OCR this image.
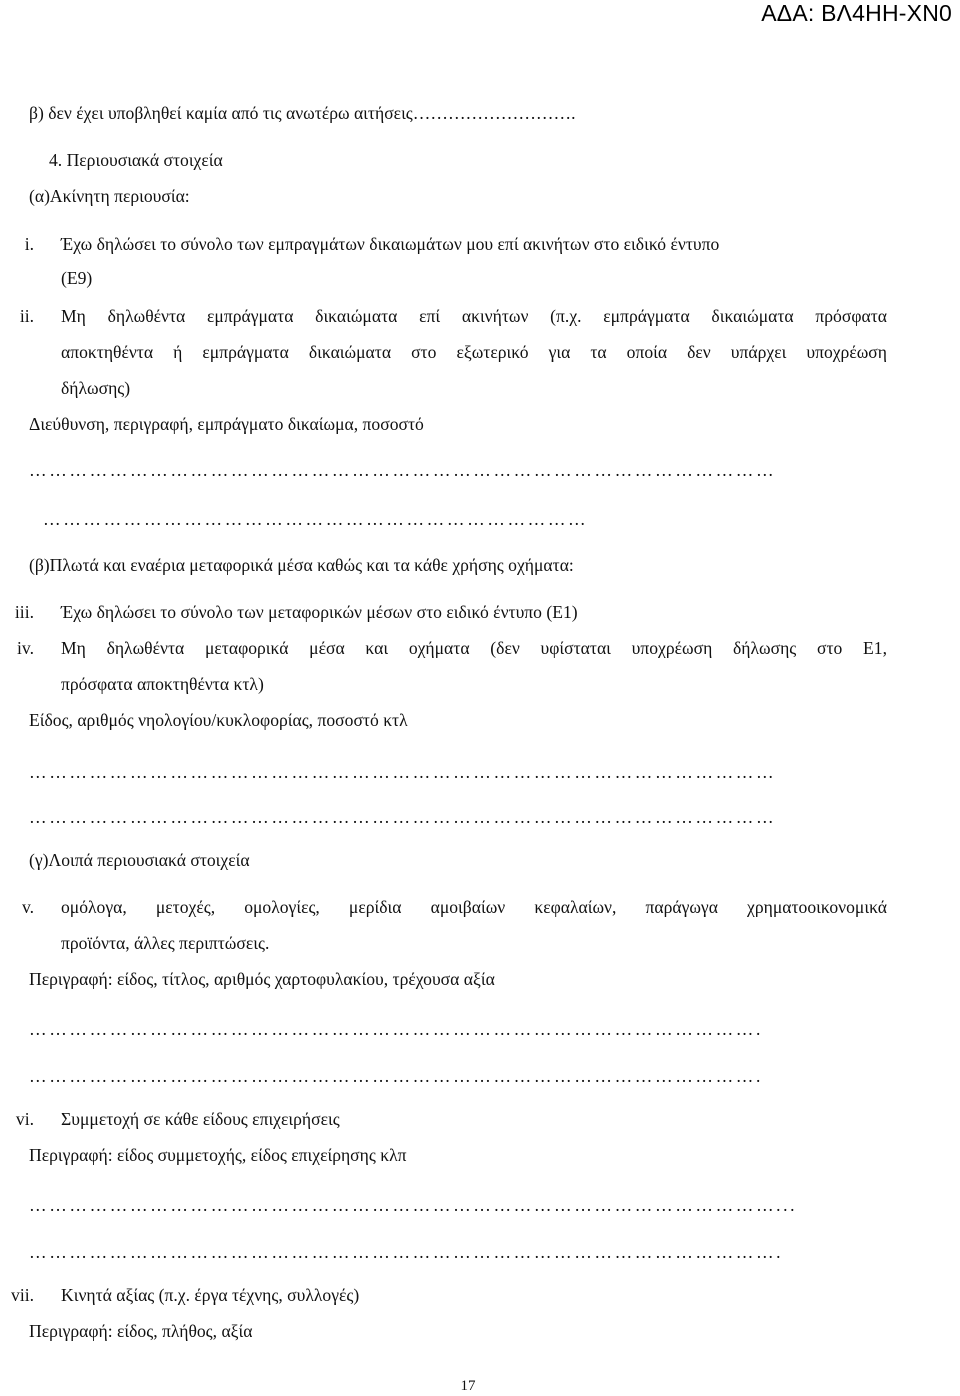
ΑΔΑ: ΒΛ4ΗΗ-ΧΝ0
β) δεν έχει υποβληθεί καμία από τις ανωτέρω αιτήσεις……………………….
4. Περιουσιακά στοιχεία
(α)Ακίνητη περιουσία:
i. Έχω δηλώσει το σύνολο των εμπραγμάτων δικαιωμάτων μου επί ακινήτων στο ειδικό έντυπο
(Ε9)
ii. Μη δηλωθέντα εμπράγματα δικαιώματα επί ακινήτων (π.χ. εμπράγματα δικαιώματα πρόσφατα
αποκτηθέντα ή εμπράγματα δικαιώματα στο εξωτερικό για τα οποία δεν υπάρχει υποχρέωση
δήλωσης)
Διεύθυνση, περιγραφή, εμπράγματο δικαίωμα, ποσοστό
…………………………………………………………………………………………………
………………………………………………………………………
(β)Πλωτά και εναέρια μεταφορικά μέσα καθώς και τα κάθε χρήσης οχήματα:
iii. Έχω δηλώσει το σύνολο των μεταφορικών μέσων στο ειδικό έντυπο (Ε1)
iv. Μη δηλωθέντα μεταφορικά μέσα και οχήματα (δεν υφίσταται υποχρέωση δήλωσης στο Ε1,
πρόσφατα αποκτηθέντα κτλ)
Είδος, αριθμός νηολογίου/κυκλοφορίας, ποσοστό κτλ
…………………………………………………………………………………………………
…………………………………………………………………………………………………
(γ)Λοιπά περιουσιακά στοιχεία
v. ομόλογα, μετοχές, ομολογίες, μερίδια αμοιβαίων κεφαλαίων, παράγωγα χρηματοοικονομικά
προϊόντα, άλλες περιπτώσεις.
Περιγραφή: είδος, τίτλος, αριθμός χαρτοφυλακίου, τρέχουσα αξία
……………………………………………………………………………………………….
……………………………………………………………………………………………….
vi. Συμμετοχή σε κάθε είδους επιχειρήσεις
Περιγραφή: είδος συμμετοχής, είδος επιχείρησης κλπ
…………………………………………………………………………………………………...
………………………………………………………………………………………………….
vii. Κινητά αξίας (π.χ. έργα τέχνης, συλλογές)
Περιγραφή: είδος, πλήθος, αξία
17
